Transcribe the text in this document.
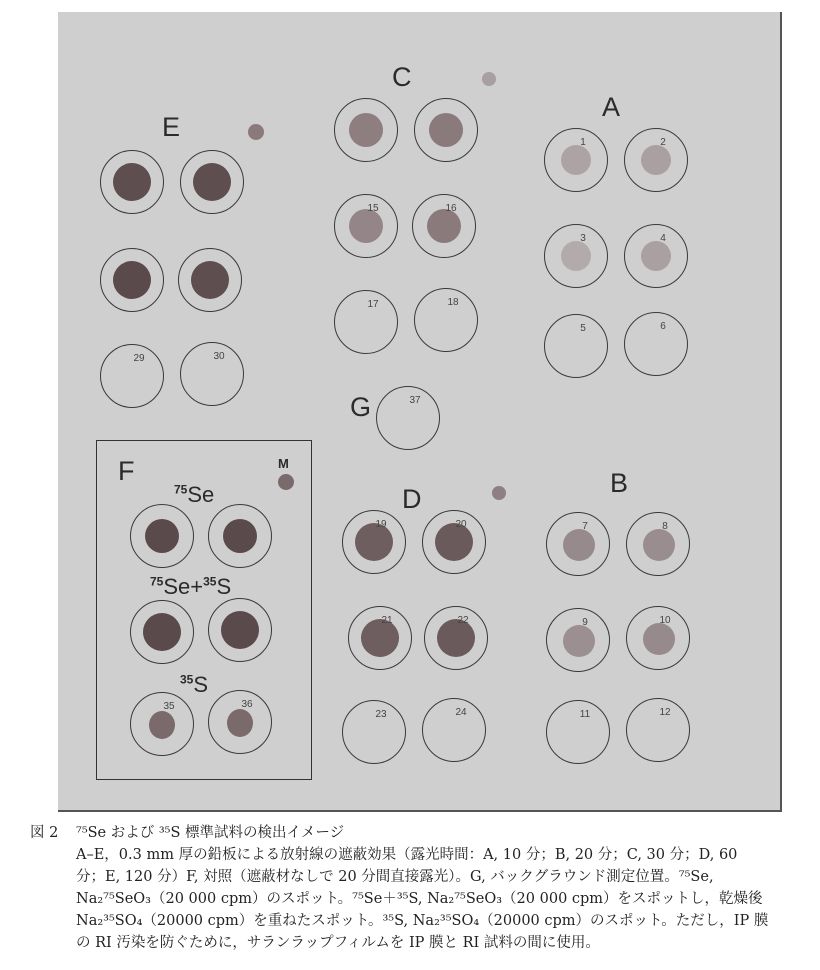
E
C
A
G
D
B
29	30
15	16
17	18
1	2
3	4
5	6
37
F	M
$^{75}$Se
$^{75}$Se+$^{35}$S
$^{35}$S
35	36
19	20
21	22
23	24
7	8
9	10
11	12
図 2 ⁷⁵Se および ³⁵S 標準試料の検出イメージ
A–E，0.3 mm 厚の鉛板による放射線の遮蔽効果（露光時間：A, 10 分；B, 20 分；C, 30 分；D, 60
分；E, 120 分）F, 対照（遮蔽材なしで 20 分間直接露光）。G, バックグラウンド測定位置。⁷⁵Se,
Na₂⁷⁵SeO₃（20 000 cpm）のスポット。⁷⁵Se＋³⁵S, Na₂⁷⁵SeO₃（20 000 cpm）をスポットし，乾燥後
Na₂³⁵SO₄（20000 cpm）を重ねたスポット。³⁵S, Na₂³⁵SO₄（20000 cpm）のスポット。ただし，IP 膜
の RI 汚染を防ぐために，サランラップフィルムを IP 膜と RI 試料の間に使用。
